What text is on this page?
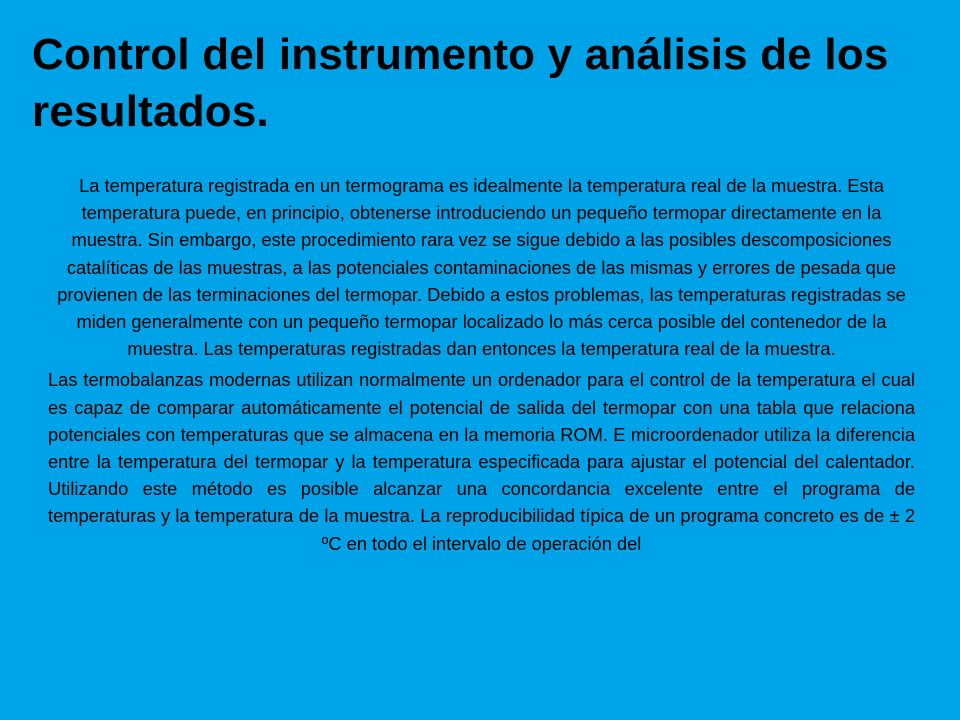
Control del instrumento y análisis de los resultados.
La temperatura registrada en un termograma es idealmente la temperatura real de la muestra. Esta temperatura puede, en principio, obtenerse introduciendo un pequeño termopar directamente en la muestra. Sin embargo, este procedimiento rara vez se sigue debido a las posibles descomposiciones catalíticas de las muestras, a las potenciales contaminaciones de las mismas y errores de pesada que provienen de las terminaciones del termopar. Debido a estos problemas, las temperaturas registradas se miden generalmente con un pequeño termopar localizado lo más cerca posible del contenedor de la muestra. Las temperaturas registradas dan entonces la temperatura real de la muestra.
Las termobalanzas modernas utilizan normalmente un ordenador para el control de la temperatura el cual es capaz de comparar automáticamente el potencial de salida del termopar con una tabla que relaciona potenciales con temperaturas que se almacena en la memoria ROM. E microordenador utiliza la diferencia entre la temperatura del termopar y la temperatura especificada para ajustar el potencial del calentador. Utilizando este método es posible alcanzar una concordancia excelente entre el programa de temperaturas y la temperatura de la muestra. La reproducibilidad típica de un programa concreto es de ± 2 ºC en todo el intervalo de operación del
